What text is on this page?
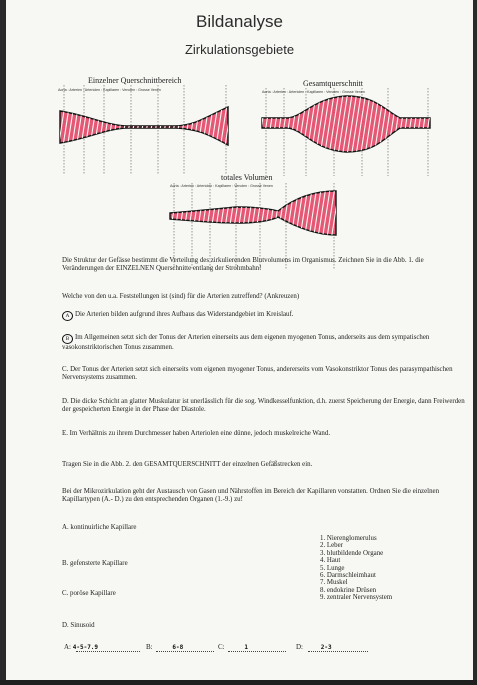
Bildanalyse
Zirkulationsgebiete
Einzelner Querschnittbereich	Gesamtquerschnitt
totales Volumen
Aorta : Arterien : Arteriolen : Kapillaren : Venolen : Grosse Venen	Aorta : Arterien : Arteriolen : Kapillaren : Venolen : Grosse Venen
Aorta : Arterien : Arteriolen : Kapillaren : Venolen : Grosse Venen
Die Struktur der Gefässe bestimmt die Verteilung des zirkulierenden Blutvolumens im Organismus. Zeichnen Sie in die Abb. 1. die Veränderungen der EINZELNEN Querschnitte entlang der Strohmbahn!
Welche von den u.a. Feststellungen ist (sind) für die Arterien zutreffend? (Ankreuzen)
A Die Arterien bilden aufgrund ihres Aufbaus das Widerstandgebiet im Kreislauf.
B Im Allgemeinen setzt sich der Tonus der Arterien einerseits aus dem eigenen myogenen Tonus, anderseits aus dem sympatischen vasokonstriktorischen Tonus zusammen.
C. Der Tonus der Arterien setzt sich einerseits vom eigenen myogener Tonus, andererseits vom Vasokonstriktor Tonus des parasympathischen Nervensystems zusammen.
D. Die dicke Schicht an glatter Muskulatur ist unerlässlich für die sog. Windkesselfunktion, d.h. zuerst Speicherung der Energie, dann Freiwerden der gespeicherten Energie in der Phase der Diastole.
E. Im Verhältnis zu ihrem Durchmesser haben Arteriolen eine dünne, jedoch muskelreiche Wand.
Tragen Sie in die Abb. 2. den GESAMTQUERSCHNITT der einzelnen Gefäßstrecken ein.
Bei der Mikrozirkulation geht der Austausch von Gasen und Nährstoffen im Bereich der Kapillaren vonstatten. Ordnen Sie die einzelnen Kapillartypen (A.- D.) zu den entsprechenden Organen (1.-9.) zu!
A. kontinuirliche Kapillare
B. gefensterte Kapillare
C. poröse Kapillare
D. Sinusoid
1. Nierenglomerulus
2. Leber
3. blutbildende Organe
4. Haut
5. Lunge
6. Darmschleimhaut
7. Muskel
8. endokrine Drüsen
9. zentraler Nervensystem
A: 4-5-7.9	B:	6-8	C:	1	D:	2-3
